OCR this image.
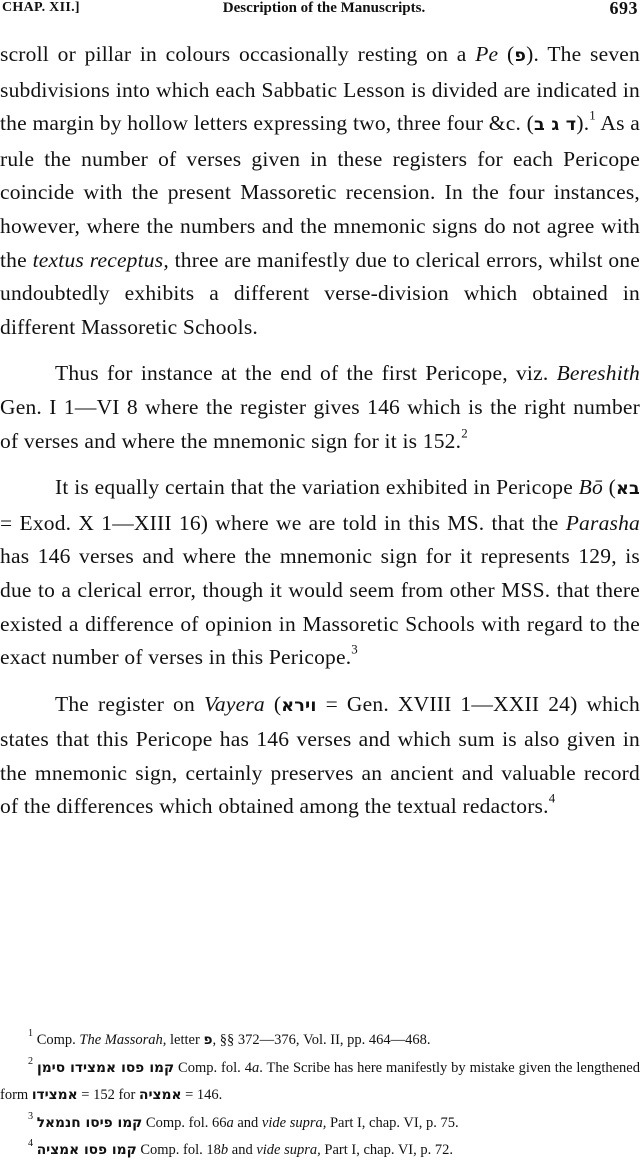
CHAP. XII.]	Description of the Manuscripts.	693

scroll or pillar in colours occasionally resting on a Pe (פ). The seven subdivisions into which each Sabbatic Lesson is divided are indicated in the margin by hollow letters expressing two, three four &c. (ד ג ב).$^1$ As a rule the number of verses given in these registers for each Pericope coincide with the present Massoretic recension. In the four instances, however, where the numbers and the mnemonic signs do not agree with the textus receptus, three are manifestly due to clerical errors, whilst one undoubtedly exhibits a different verse-division which obtained in different Massoretic Schools.

Thus for instance at the end of the first Pericope, viz. Bereshith Gen. I 1—VI 8 where the register gives 146 which is the right number of verses and where the mnemonic sign for it is 152.$^2$

It is equally certain that the variation exhibited in Pericope Bō (בא = Exod. X 1—XIII 16) where we are told in this MS. that the Parasha has 146 verses and where the mnemonic sign for it represents 129, is due to a clerical error, though it would seem from other MSS. that there existed a difference of opinion in Massoretic Schools with regard to the exact number of verses in this Pericope.$^3$

The register on Vayera (וירא = Gen. XVIII 1—XXII 24) which states that this Pericope has 146 verses and which sum is also given in the mnemonic sign, certainly preserves an ancient and valuable record of the differences which obtained among the textual redactors.$^4$

$^1$ Comp. The Massorah, letter פ, §§ 372—376, Vol. II, pp. 464—468.

$^2$ קמו פסו אמצידו סימן Comp. fol. 4a. The Scribe has here manifestly by mistake given the lengthened form אמצידו = 152 for אמציה = 146.

$^3$ קמו פיסו חנמאל Comp. fol. 66a and vide supra, Part I, chap. VI, p. 75.

$^4$ קמו פסו אמציה Comp. fol. 18b and vide supra, Part I, chap. VI, p. 72.
